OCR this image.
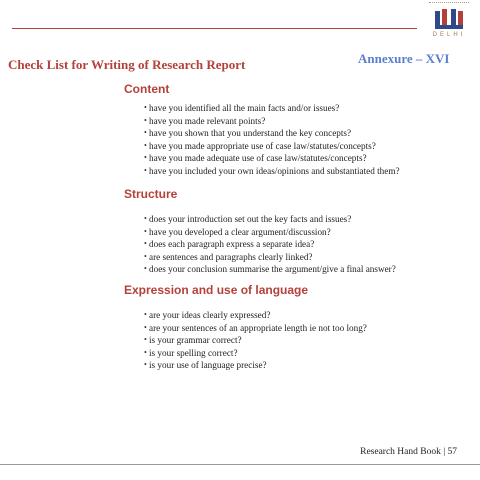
DELHI
Annexure – XVI
Check List for Writing of Research Report
Content
• have you identified all the main facts and/or issues?
• have you made relevant points?
• have you shown that you understand the key concepts?
• have you made appropriate use of case law/statutes/concepts?
• have you made adequate use of case law/statutes/concepts?
• have you included your own ideas/opinions and substantiated them?
Structure
• does your introduction set out the key facts and issues?
• have you developed a clear argument/discussion?
• does each paragraph express a separate idea?
• are sentences and paragraphs clearly linked?
• does your conclusion summarise the argument/give a final answer?
Expression and use of language
• are your ideas clearly expressed?
• are your sentences of an appropriate length ie not too long?
• is your grammar correct?
• is your spelling correct?
• is your use of language precise?
Research Hand Book | 57
